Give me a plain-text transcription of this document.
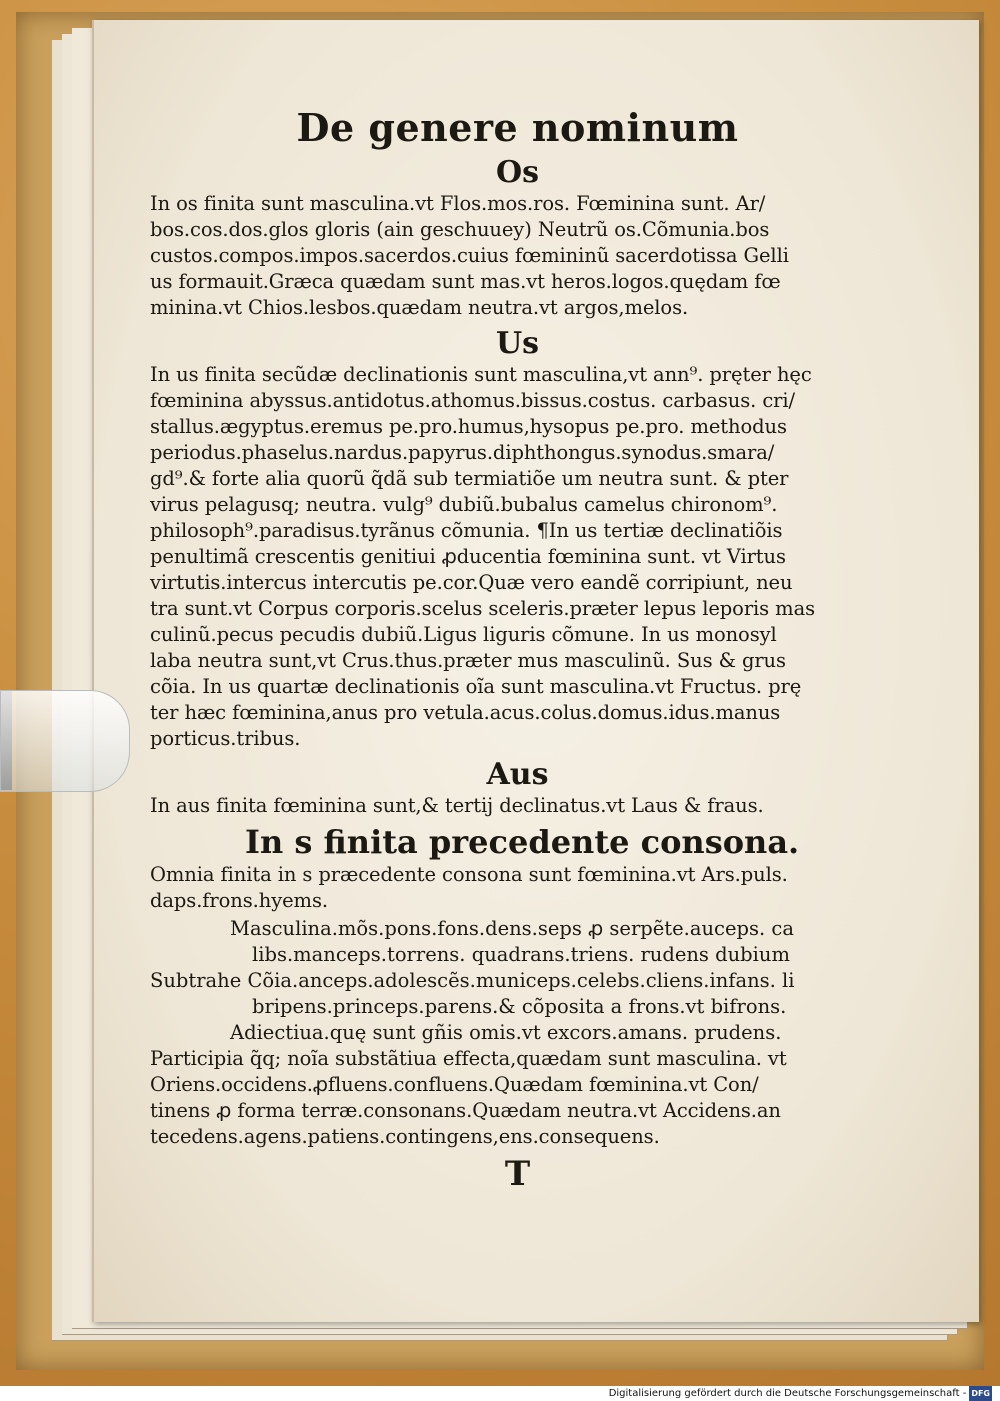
De genere nominum
Os

In os finita sunt masculina.vt Flos.mos.ros. Fœminina sunt. Ar/

bos.cos.dos.glos gloris (ain geschuuey) Neutrũ os.Cõmunia.bos

custos.compos.impos.sacerdos.cuius fœmininũ sacerdotissa Gelli

us formauit.Græca quædam sunt mas.vt heros.logos.quędam fœ

minina.vt Chios.lesbos.quædam neutra.vt argos,melos.

Us

In us finita secũdæ declinationis sunt masculina,vt ann⁹. pręter hęc

fœminina abyssus.antidotus.athomus.bissus.costus. carbasus. cri/

stallus.ægyptus.eremus pe.pro.humus,hysopus pe.pro. methodus

periodus.phaselus.nardus.papyrus.diphthongus.synodus.smara/

gd⁹.& forte alia quorũ q̃dã sub termiatiõe um neutra sunt. & pter

virus pelagusq; neutra. vulg⁹ dubiũ.bubalus camelus chironom⁹.

philosoph⁹.paradisus.tyrãnus cõmunia. ¶In us tertiæ declinatiõis

penultimã crescentis genitiui ꝓducentia fœminina sunt. vt Virtus

virtutis.intercus intercutis pe.cor.Quæ vero eandẽ corripiunt, neu

tra sunt.vt Corpus corporis.scelus sceleris.præter lepus leporis mas

culinũ.pecus pecudis dubiũ.Ligus liguris cõmune. In us monosyl

laba neutra sunt,vt Crus.thus.præter mus masculinũ. Sus & grus

cõia. In us quartæ declinationis oĩa sunt masculina.vt Fructus. prę

ter hæc fœminina,anus pro vetula.acus.colus.domus.idus.manus

porticus.tribus.

Aus

In aus finita fœminina sunt,& tertij declinatus.vt Laus & fraus.

In s finita precedente consona.

Omnia finita in s præcedente consona sunt fœminina.vt Ars.puls.

daps.frons.hyems.

Masculina.mõs.pons.fons.dens.seps ꝓ serpẽte.auceps. ca

libs.manceps.torrens. quadrans.triens. rudens dubium

Subtrahe Cõia.anceps.adolescẽs.municeps.celebs.cliens.infans. li

bripens.princeps.parens.& cõposita a frons.vt bifrons.

Adiectiua.quę sunt gñis omis.vt excors.amans. prudens.

Participia q̃q; noĩa substãtiua effecta,quædam sunt masculina. vt

Oriens.occidens.ꝓfluens.confluens.Quædam fœminina.vt Con/

tinens ꝓ forma terræ.consonans.Quædam neutra.vt Accidens.an

tecedens.agens.patiens.contingens,ens.consequens.

T
Digitalisierung gefördert durch die Deutsche Forschungsgemeinschaft - DFG
